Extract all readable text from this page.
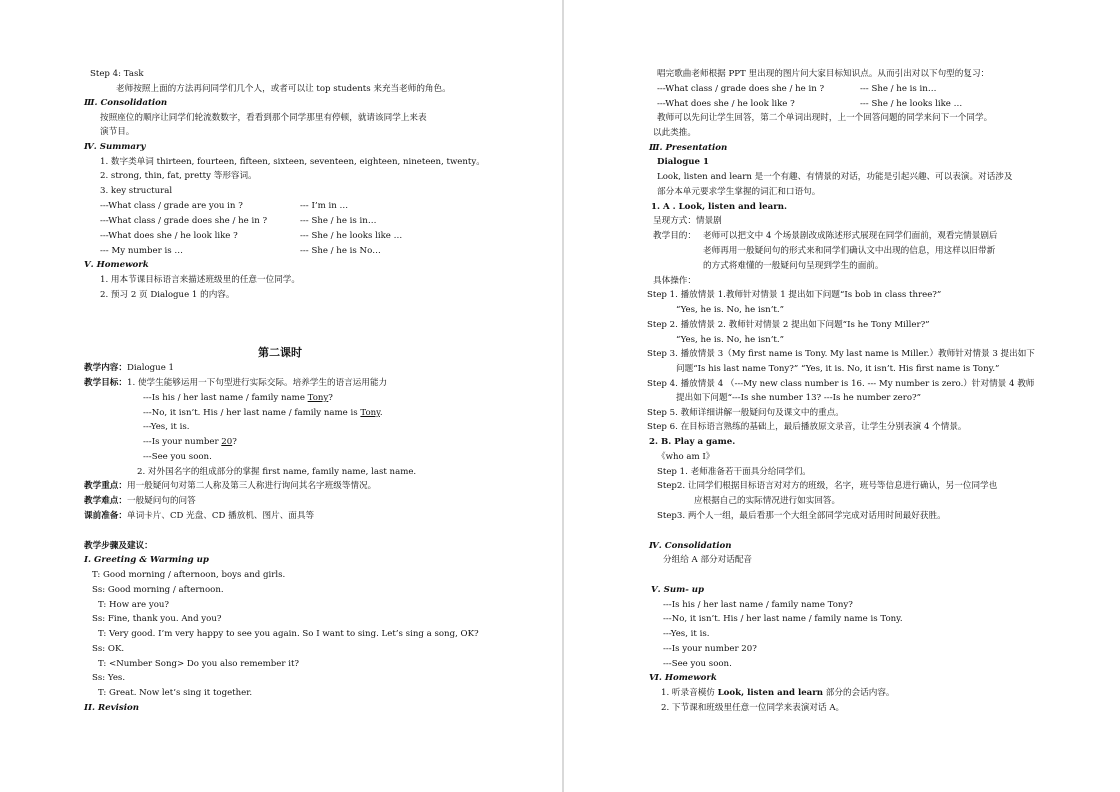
Step 4: Task
老师按照上面的方法再问同学们几个人，或者可以让 top students 来充当老师的角色。
Ⅲ. Consolidation
按照座位的顺序让同学们轮流数数字，看看到那个同学那里有停顿，就请该同学上来表
演节目。
Ⅳ. Summary
1. 数字类单词 thirteen, fourteen, fifteen, sixteen, seventeen, eighteen, nineteen, twenty。
2. strong, thin, fat, pretty 等形容词。
3. key structural
---What class / grade are you in ?	--- I’m in …
---What class / grade does she / he in ?	--- She / he is in…
---What does she / he look like ?	--- She / he looks like …
--- My number is …	--- She / he is No…
Ⅴ. Homework
1. 用本节课目标语言来描述班级里的任意一位同学。
2. 预习 2 页 Dialogue 1 的内容。
第二课时
教学内容：Dialogue 1
教学目标：1. 使学生能够运用一下句型进行实际交际。培养学生的语言运用能力
---Is his / her last name / family name Tony?
---No, it isn’t. His / her last name / family name is Tony.
---Yes, it is.
---Is your number 20?
---See you soon.
2. 对外国名字的组成部分的掌握 first name, family name, last name.
教学重点：用一般疑问句对第二人称及第三人称进行询问其名字班级等情况。
教学难点：一般疑问句的问答
课前准备：单词卡片、CD 光盘、CD 播放机、图片、面具等
教学步骤及建议：
I. Greeting & Warming up
T: Good morning / afternoon, boys and girls.
Ss: Good morning / afternoon.
T: How are you?
Ss: Fine, thank you. And you?
T: Very good. I’m very happy to see you again. So I want to sing. Let’s sing a song, OK?
Ss: OK.
T: <Number Song> Do you also remember it?
Ss: Yes.
T: Great. Now let’s sing it together.
II. Revision
唱完歌曲老师根据 PPT 里出现的图片问大家目标知识点。从而引出对以下句型的复习：
---What class / grade does she / he in ?	--- She / he is in…
---What does she / he look like ?	--- She / he looks like …
教师可以先问让学生回答，第二个单词出现时，上一个回答问题的同学来问下一个同学。
以此类推。
Ⅲ. Presentation
Dialogue 1
Look, listen and learn 是一个有趣、有情景的对话，功能是引起兴趣、可以表演。对话涉及
部分本单元要求学生掌握的词汇和口语句。
1. A . Look, listen and learn.
呈现方式：情景剧
教学目的： 老师可以把文中 4 个场景剧改成陈述形式展现在同学们面前，观看完情景剧后
老师再用一般疑问句的形式来和同学们确认文中出现的信息，用这样以旧带新
的方式将难懂的一般疑问句呈现到学生的面前。
具体操作：
Step 1. 播放情景 1.教师针对情景 1 提出如下问题“Is bob in class three?”
“Yes, he is. No, he isn’t.”
Step 2. 播放情景 2. 教师针对情景 2 提出如下问题“Is he Tony Miller?”
“Yes, he is. No, he isn’t.”
Step 3. 播放情景 3（My first name is Tony. My last name is Miller.）教师针对情景 3 提出如下
问题“Is his last name Tony?” “Yes, it is. No, it isn’t. His first name is Tony.”
Step 4. 播放情景 4 （---My new class number is 16. --- My number is zero.）针对情景 4 教师
提出如下问题“---Is she number 13? ---Is he number zero?”
Step 5. 教师详细讲解一般疑问句及课文中的重点。
Step 6. 在目标语言熟练的基础上，最后播放原文录音，让学生分别表演 4 个情景。
2. B. Play a game.
《who am I》
Step 1. 老师准备若干面具分给同学们。
Step2. 让同学们根据目标语言对对方的班级，名字，班号等信息进行确认，另一位同学也
应根据自己的实际情况进行如实回答。
Step3. 两个人一组，最后看那一个大组全部同学完成对话用时间最好获胜。
Ⅳ. Consolidation
分组给 A 部分对话配音
Ⅴ. Sum- up
---Is his / her last name / family name Tony?
---No, it isn’t. His / her last name / family name is Tony.
---Yes, it is.
---Is your number 20?
---See you soon.
Ⅵ. Homework
1. 听录音模仿 Look, listen and learn 部分的会话内容。
2. 下节课和班级里任意一位同学来表演对话 A。
